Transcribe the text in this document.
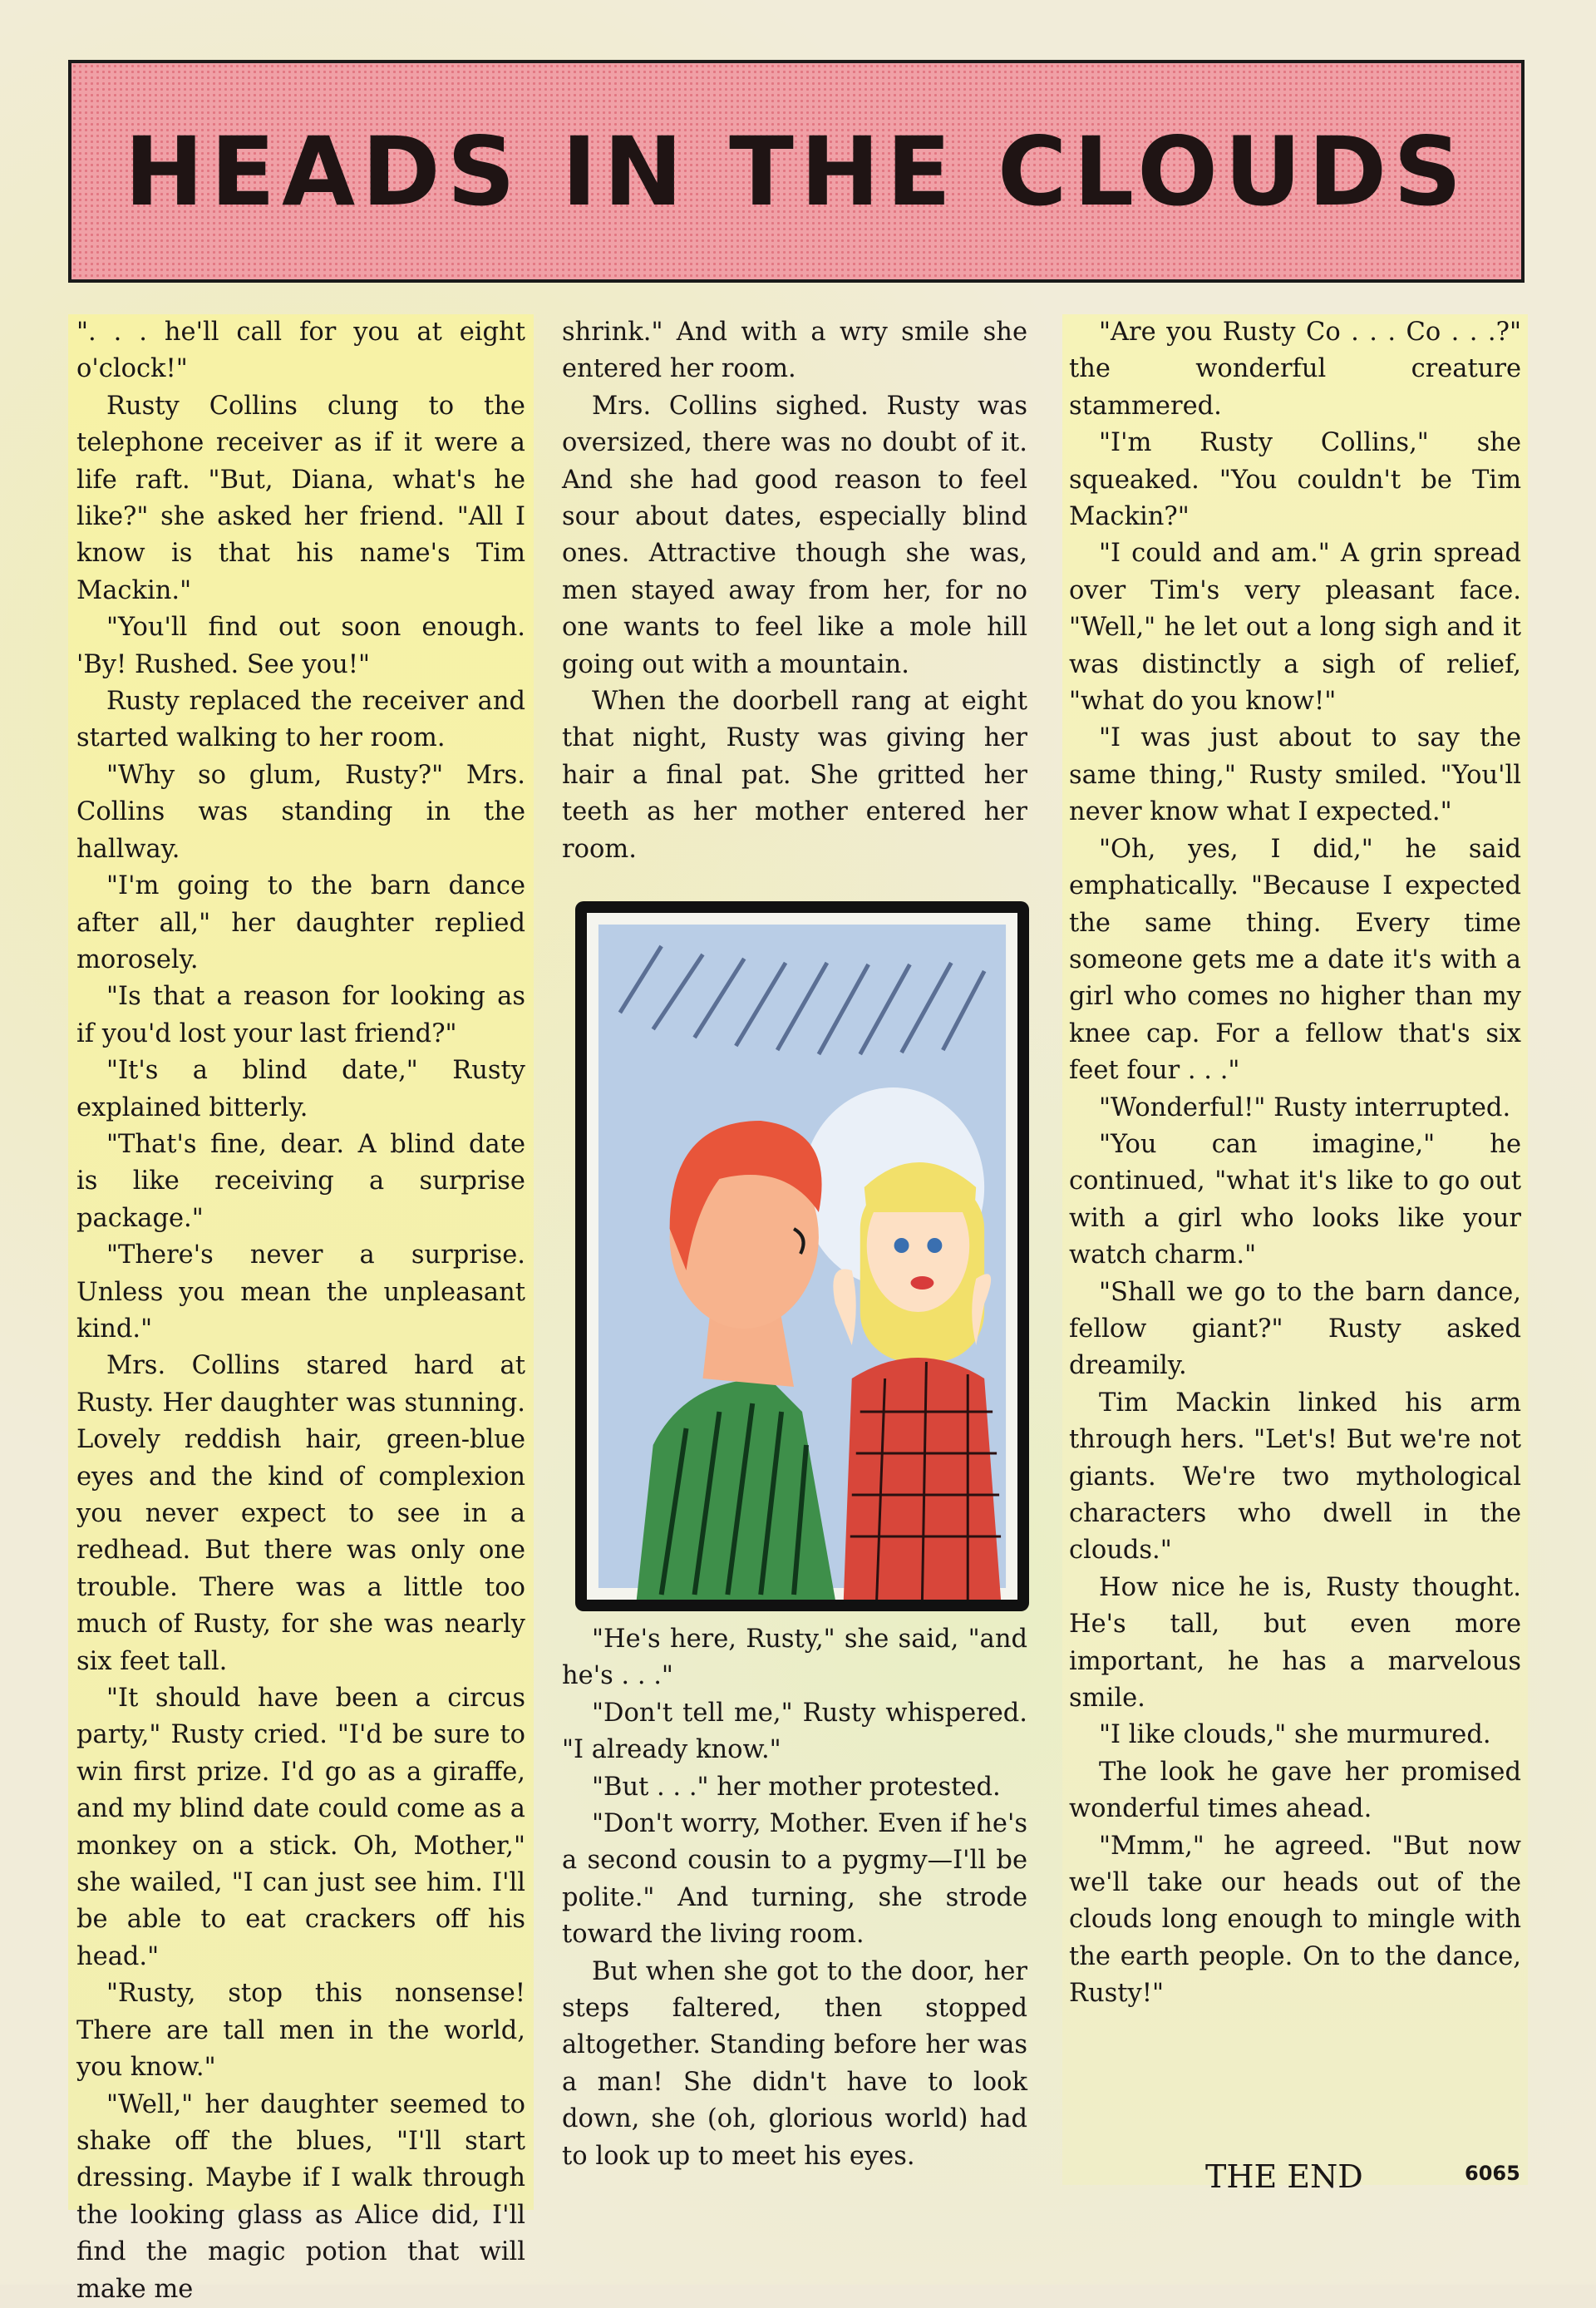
HEADS IN THE CLOUDS

". . . he'll call for you at eight o'clock!"

Rusty Collins clung to the telephone receiver as if it were a life raft. "But, Diana, what's he like?" she asked her friend. "All I know is that his name's Tim Mackin."

"You'll find out soon enough. 'By! Rushed. See you!"

Rusty replaced the receiver and started walking to her room.

"Why so glum, Rusty?" Mrs. Collins was standing in the hallway.

"I'm going to the barn dance after all," her daughter replied morosely.

"Is that a reason for looking as if you'd lost your last friend?"

"It's a blind date," Rusty explained bitterly.

"That's fine, dear. A blind date is like receiving a surprise package."

"There's never a surprise. Unless you mean the unpleasant kind."

Mrs. Collins stared hard at Rusty. Her daughter was stunning. Lovely reddish hair, green-blue eyes and the kind of complexion you never expect to see in a redhead. But there was only one trouble. There was a little too much of Rusty, for she was nearly six feet tall.

"It should have been a circus party," Rusty cried. "I'd be sure to win first prize. I'd go as a giraffe, and my blind date could come as a monkey on a stick. Oh, Mother," she wailed, "I can just see him. I'll be able to eat crackers off his head."

"Rusty, stop this nonsense! There are tall men in the world, you know."

"Well," her daughter seemed to shake off the blues, "I'll start dressing. Maybe if I walk through the looking glass as Alice did, I'll find the magic potion that will make me

shrink." And with a wry smile she entered her room.

Mrs. Collins sighed. Rusty was oversized, there was no doubt of it. And she had good reason to feel sour about dates, especially blind ones. Attractive though she was, men stayed away from her, for no one wants to feel like a mole hill going out with a mountain.

When the doorbell rang at eight that night, Rusty was giving her hair a final pat. She gritted her teeth as her mother entered her room.

"He's here, Rusty," she said, "and he's . . ."

"Don't tell me," Rusty whispered. "I already know."

"But . . ." her mother protested.

"Don't worry, Mother. Even if he's a second cousin to a pygmy—I'll be polite." And turning, she strode toward the living room.

But when she got to the door, her steps faltered, then stopped altogether. Standing before her was a man! She didn't have to look down, she (oh, glorious world) had to look up to meet his eyes.

"Are you Rusty Co . . . Co . . .?" the wonderful creature stammered.

"I'm Rusty Collins," she squeaked. "You couldn't be Tim Mackin?"

"I could and am." A grin spread over Tim's very pleasant face. "Well," he let out a long sigh and it was distinctly a sigh of relief, "what do you know!"

"I was just about to say the same thing," Rusty smiled. "You'll never know what I expected."

"Oh, yes, I did," he said emphatically. "Because I expected the same thing. Every time someone gets me a date it's with a girl who comes no higher than my knee cap. For a fellow that's six feet four . . ."

"Wonderful!" Rusty interrupted.

"You can imagine," he continued, "what it's like to go out with a girl who looks like your watch charm."

"Shall we go to the barn dance, fellow giant?" Rusty asked dreamily.

Tim Mackin linked his arm through hers. "Let's! But we're not giants. We're two mythological characters who dwell in the clouds."

How nice he is, Rusty thought. He's tall, but even more important, he has a marvelous smile.

"I like clouds," she murmured.

The look he gave her promised wonderful times ahead.

"Mmm," he agreed. "But now we'll take our heads out of the clouds long enough to mingle with the earth people. On to the dance, Rusty!"

THE END	6065
